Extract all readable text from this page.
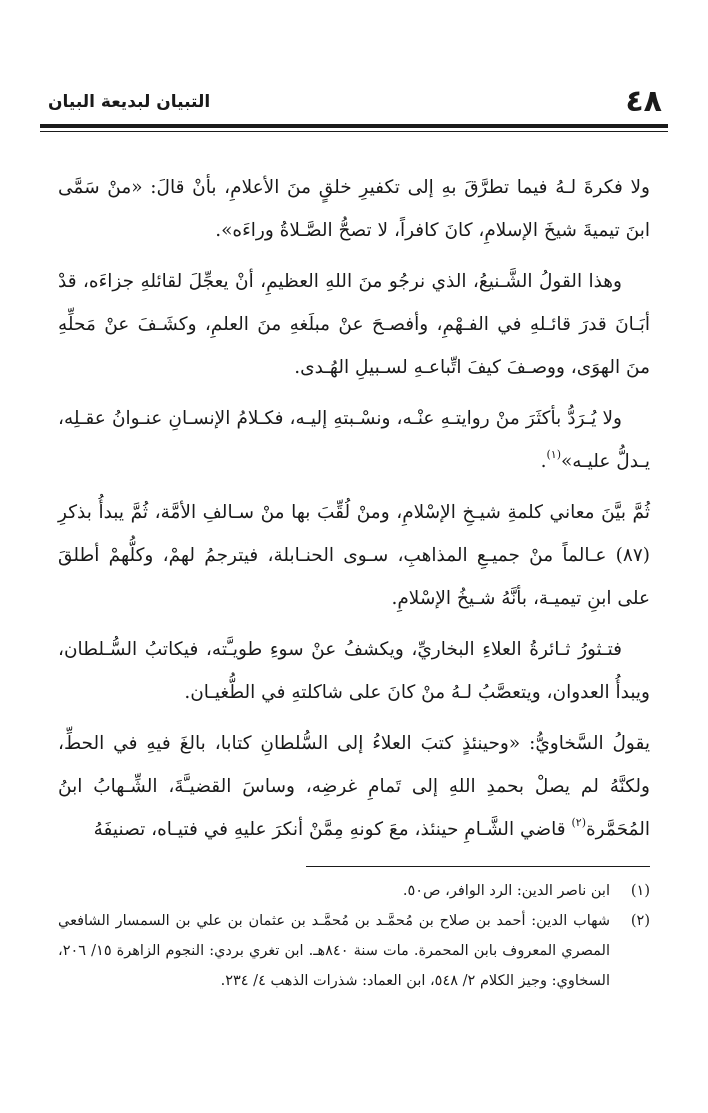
٤٨
التبيان لبديعة البيان

ولا فكرةَ لـهُ فيما تطرَّقَ بهِ إلى تكفيرِ خلقٍ منَ الأعلامِ، بأنْ قالَ: «منْ سَمَّى ابنَ تيميةَ شيخَ الإسلامِ، كانَ كافراً، لا تصحُّ الصَّـلاةُ وراءَه».

وهذا القولُ الشَّـنيعُ، الذي نرجُو منَ اللهِ العظيمِ، أنْ يعجِّلَ لقائلهِ جزاءَه، قدْ أبَـانَ قدرَ قائـلهِ في الفـهْمِ، وأفصـحَ عنْ مبلَغهِ منَ العلمِ، وكشَـفَ عنْ مَحلِّهِ منَ الهوَى، ووصـفَ كيفَ اتِّباعـهِ لسـبيلِ الهُـدى.

ولا يُـرَدُّ بأكثَرَ منْ روايتـهِ عنْـه، ونسْـبتهِ إليـه، فكـلامُ الإنسـانِ عنـوانُ عقـلِه، يـدلُّ عليـه»$^{(١)}$.

ثُمَّ بيَّنَ معاني كلمةِ شيـخِ الإسْلامِ، ومنْ لُقِّبَ بها منْ سـالفِ الأمَّة، ثُمَّ يبدأُ بذكرِ (٨٧) عـالماً منْ جميـعِ المذاهبِ، سـوى الحنـابلة، فيترجمُ لهمْ، وكلُّهمْ أطلقَ على ابنِ تيميـة، بأنَّهُ شـيخُ الإسْلامِ.

فتـثورُ ثـائرةُ العلاءِ البخاريِّ، ويكشفُ عنْ سوءِ طويـَّته، فيكاتبُ السُّـلطان، ويبدأُ العدوان، ويتعصَّبُ لـهُ منْ كانَ على شاكلتهِ في الطُّغيـان.

يقولُ السَّخاويُّ: «وحينئذٍ كتبَ العلاءُ إلى السُّلطانِ كتابا، بالغَ فيهِ في الحطِّ، ولكنَّهُ لم يصلْ بحمدِ اللهِ إلى تَمامِ غرضِه، وساسَ القضيـَّةَ، الشِّـهابُ ابنُ المُحَمَّرة$^{(٢)}$ قاضي الشَّـامِ حينئذ، معَ كونهِ مِمَّنْ أنكرَ عليهِ في فتيـاه، تصنيفَهُ

(١)
ابن ناصر الدين: الرد الوافر، ص٥٠.
(٢)
شهاب الدين: أحمد بن صلاح بن مُحمَّـد بن مُحمَّـد بن عثمان بن علي بن السمسار الشافعي المصري المعروف بابن المحمرة. مات سنة ٨٤٠هـ. ابن تغري بردي: النجوم الزاهرة ١٥/ ٢٠٦، السخاوي: وجيز الكلام ٢/ ٥٤٨، ابن العماد: شذرات الذهب ٤/ ٢٣٤.
